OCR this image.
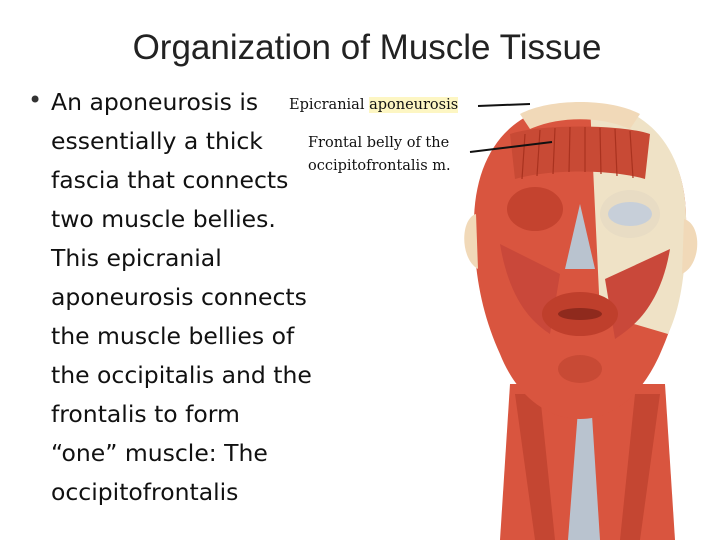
Organization of Muscle Tissue
• An aponeurosis is
essentially a thick
fascia that connects
two muscle bellies.
This epicranial
aponeurosis connects
the muscle bellies of
the occipitalis and the
frontalis to form
“one” muscle: The
occipitofrontalis
Epicranial aponeurosis
Frontal belly of the
occipitofrontalis m.
